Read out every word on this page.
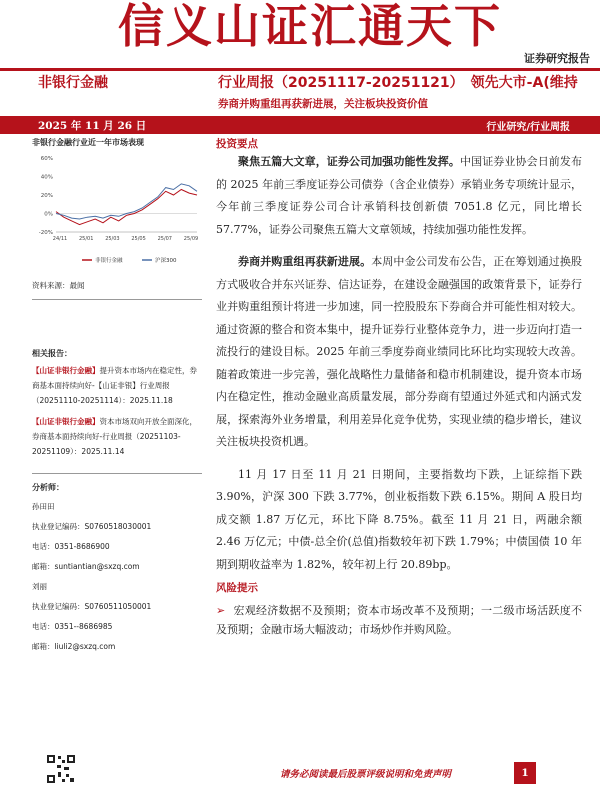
信义山证汇通天下
证券研究报告
非银行金融	行业周报（20251117-20251121）　领先大市-A(维持
券商并购重组再获新进展，关注板块投资价值
2025 年 11 月 26 日	行业研究/行业周报
非银行金融行业近一年市场表现
60%
40%
20%
0%
-20%
24/11 25/01 25/03 25/05 25/07 25/09
非银行金融	沪深300
资料来源：最闻
相关报告：
【山证非银行金融】提升资本市场内在稳定性，券商基本面持续向好-【山证非银】行业周报（20251110-20251114）：2025.11.18
【山证非银行金融】资本市场双向开放全面深化，券商基本面持续向好-行业周报（20251103-20251109）：2025.11.14
分析师：
孙田田
执业登记编码：S0760518030001
电话：0351-8686900
邮箱：suntiantian@sxzq.com
刘丽
执业登记编码：S0760511050001
电话：0351--8686985
邮箱：liuli2@sxzq.com
投资要点

聚焦五篇大文章，证券公司加强功能性发挥。中国证券业协会日前发布的 2025 年前三季度证券公司债券（含企业债券）承销业务专项统计显示，今年前三季度证券公司合计承销科技创新债 7051.8 亿元，同比增长 57.77%，证券公司聚焦五篇大文章领域，持续加强功能性发挥。

券商并购重组再获新进展。本周中金公司发布公告，正在筹划通过换股方式吸收合并东兴证券、信达证券，在建设金融强国的政策背景下，证券行业并购重组预计将进一步加速，同一控股股东下券商合并可能性相对较大。通过资源的整合和资本集中，提升证券行业整体竞争力，进一步迈向打造一流投行的建设目标。2025 年前三季度券商业绩同比环比均实现较大改善。随着政策进一步完善，强化战略性力量储备和稳市机制建设，提升资本市场内在稳定性，推动金融业高质量发展，部分券商有望通过外延式和内涵式发展，探索海外业务增量，利用差异化竞争优势，实现业绩的稳步增长，建议关注板块投资机遇。

11 月 17 日至 11 月 21 日期间，主要指数均下跌，上证综指下跌 3.90%，沪深 300 下跌 3.77%，创业板指数下跌 6.15%。期间 A 股日均成交额 1.87 万亿元，环比下降 8.75%。截至 11 月 21 日，两融余额 2.46 万亿元；中债-总全价(总值)指数较年初下跌 1.79%；中债国债 10 年期到期收益率为 1.82%，较年初上行 20.89bp。

风险提示

➢ 宏观经济数据不及预期；资本市场改革不及预期；一二级市场活跃度不及预期；金融市场大幅波动；市场炒作并购风险。

请务必阅读最后股票评级说明和免责声明	1
